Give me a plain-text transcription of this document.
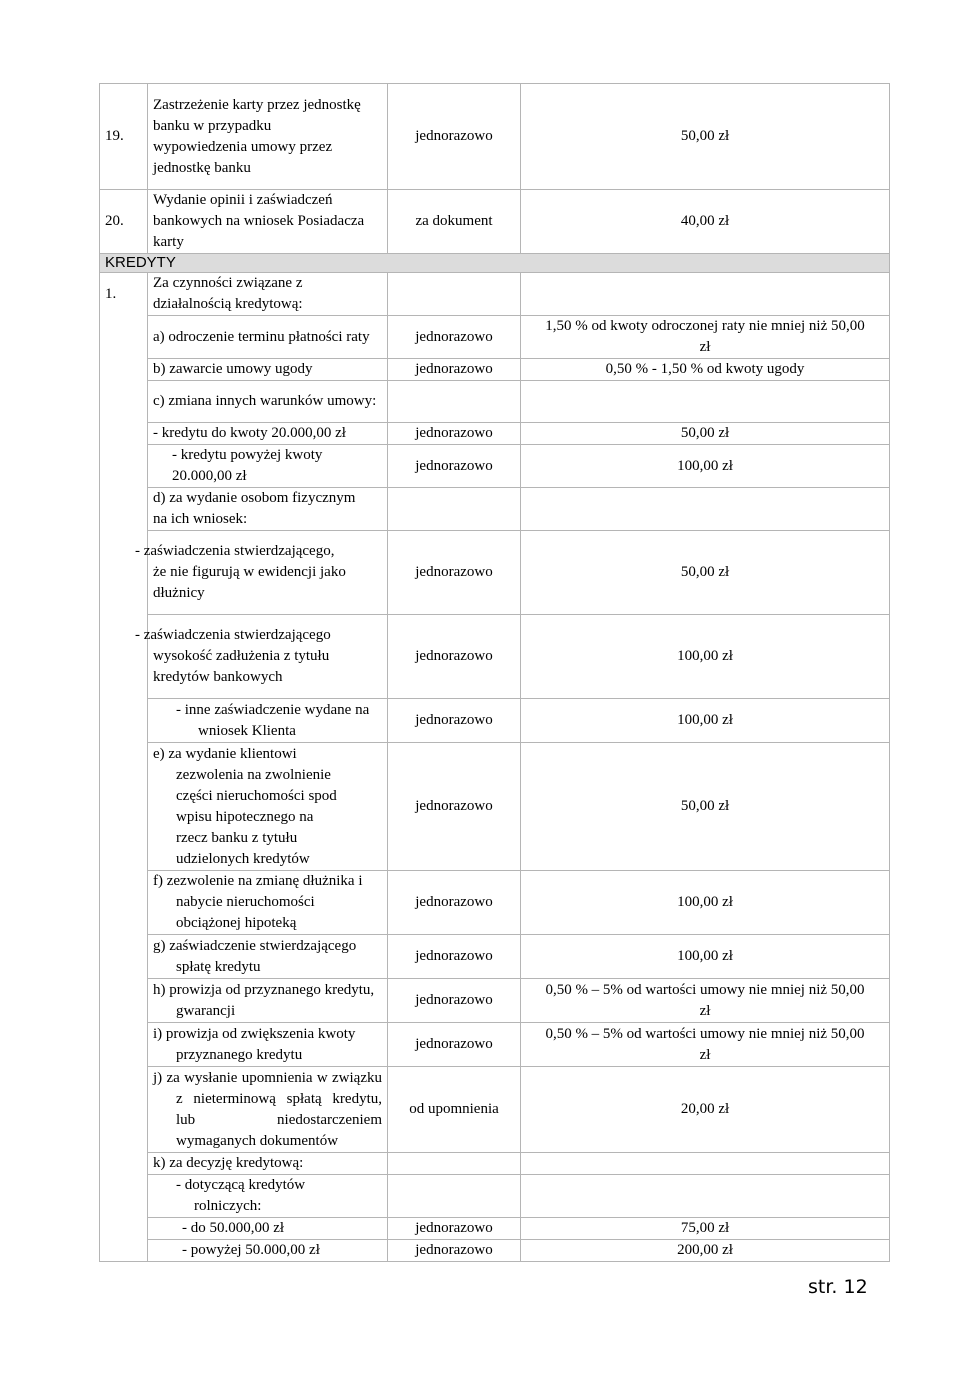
19.	Zastrzeżenie karty przez jednostkę banku w przypadku wypowiedzenia umowy przez jednostkę banku	jednorazowo	50,00 zł
20.	Wydanie opinii i zaświadczeń bankowych na wniosek Posiadacza karty	za dokument	40,00 zł
KREDYTY			
1.	Za czynności związane z działalnością kredytową:		
	a) odroczenie terminu płatności raty	jednorazowo	1,50 % od kwoty odroczonej raty nie mniej niż 50,00 zł
	b) zawarcie umowy ugody	jednorazowo	0,50 % - 1,50 % od kwoty ugody
	c) zmiana innych warunków umowy:		
	- kredytu do kwoty 20.000,00 zł	jednorazowo	50,00 zł
	- kredytu powyżej kwoty 20.000,00 zł	jednorazowo	100,00 zł
	d) za wydanie osobom fizycznym na ich wniosek:		
	- zaświadczenia stwierdzającego, że nie figurują w ewidencji jako dłużnicy	jednorazowo	50,00 zł
	- zaświadczenia stwierdzającego wysokość zadłużenia z tytułu kredytów bankowych	jednorazowo	100,00 zł
	- inne zaświadczenie wydane na wniosek Klienta	jednorazowo	100,00 zł
	e) za wydanie klientowi zezwolenia na zwolnienie części nieruchomości spod wpisu hipotecznego na rzecz banku z tytułu udzielonych kredytów	jednorazowo	50,00 zł
	f) zezwolenie na zmianę dłużnika i nabycie nieruchomości obciążonej hipoteką	jednorazowo	100,00 zł
	g) zaświadczenie stwierdzającego spłatę kredytu	jednorazowo	100,00 zł
	h) prowizja od przyznanego kredytu, gwarancji	jednorazowo	0,50 % – 5% od wartości umowy nie mniej niż 50,00 zł
	i) prowizja od zwiększenia kwoty przyznanego kredytu	jednorazowo	0,50 % – 5% od wartości umowy nie mniej niż 50,00 zł
	j) za wysłanie upomnienia w związku z nieterminową spłatą kredytu, lub niedostarczeniem wymaganych dokumentów	od upomnienia	20,00 zł
	k) za decyzję kredytową:		
	- dotyczącą kredytów rolniczych:		
	- do 50.000,00 zł	jednorazowo	75,00 zł
	- powyżej 50.000,00 zł	jednorazowo	200,00 zł
str. 12
